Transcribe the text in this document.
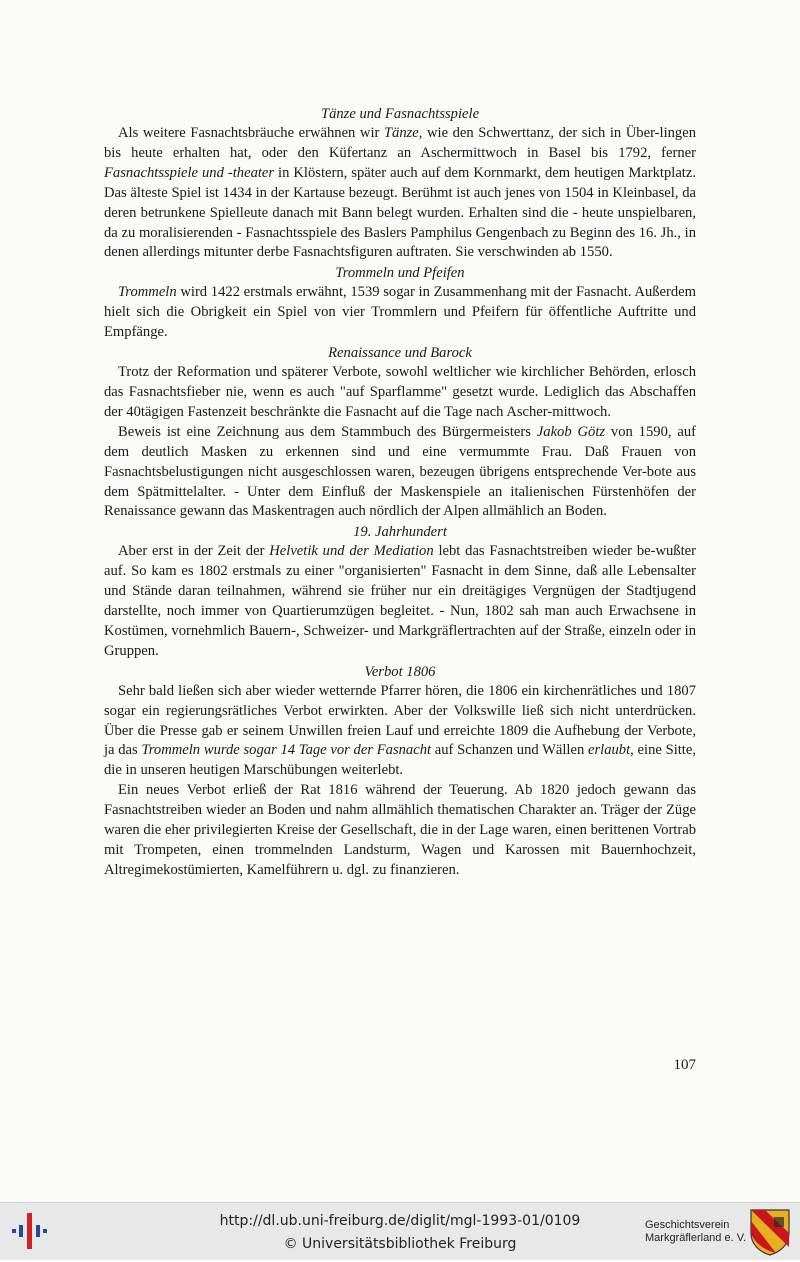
Tänze und Fasnachtsspiele

Als weitere Fasnachtsbräuche erwähnen wir Tänze, wie den Schwerttanz, der sich in Über-lingen bis heute erhalten hat, oder den Küfertanz an Aschermittwoch in Basel bis 1792, ferner Fasnachtsspiele und -theater in Klöstern, später auch auf dem Kornmarkt, dem heutigen Marktplatz. Das älteste Spiel ist 1434 in der Kartause bezeugt. Berühmt ist auch jenes von 1504 in Kleinbasel, da deren betrunkene Spielleute danach mit Bann belegt wurden. Erhalten sind die - heute unspielbaren, da zu moralisierenden - Fasnachtsspiele des Baslers Pamphilus Gengenbach zu Beginn des 16. Jh., in denen allerdings mitunter derbe Fasnachtsfiguren auftraten. Sie verschwinden ab 1550.

Trommeln und Pfeifen

Trommeln wird 1422 erstmals erwähnt, 1539 sogar in Zusammenhang mit der Fasnacht. Außerdem hielt sich die Obrigkeit ein Spiel von vier Trommlern und Pfeifern für öffentliche Auftritte und Empfänge.

Renaissance und Barock

Trotz der Reformation und späterer Verbote, sowohl weltlicher wie kirchlicher Behörden, erlosch das Fasnachtsfieber nie, wenn es auch "auf Sparflamme" gesetzt wurde. Lediglich das Abschaffen der 40tägigen Fastenzeit beschränkte die Fasnacht auf die Tage nach Ascher-mittwoch.

Beweis ist eine Zeichnung aus dem Stammbuch des Bürgermeisters Jakob Götz von 1590, auf dem deutlich Masken zu erkennen sind und eine vermummte Frau. Daß Frauen von Fasnachtsbelustigungen nicht ausgeschlossen waren, bezeugen übrigens entsprechende Ver-bote aus dem Spätmittelalter. - Unter dem Einfluß der Maskenspiele an italienischen Fürstenhöfen der Renaissance gewann das Maskentragen auch nördlich der Alpen allmählich an Boden.

19. Jahrhundert

Aber erst in der Zeit der Helvetik und der Mediation lebt das Fasnachtstreiben wieder be-wußter auf. So kam es 1802 erstmals zu einer "organisierten" Fasnacht in dem Sinne, daß alle Lebensalter und Stände daran teilnahmen, während sie früher nur ein dreitägiges Vergnügen der Stadtjugend darstellte, noch immer von Quartierumzügen begleitet. - Nun, 1802 sah man auch Erwachsene in Kostümen, vornehmlich Bauern-, Schweizer- und Markgräflertrachten auf der Straße, einzeln oder in Gruppen.

Verbot 1806

Sehr bald ließen sich aber wieder wetternde Pfarrer hören, die 1806 ein kirchenrätliches und 1807 sogar ein regierungsrätliches Verbot erwirkten. Aber der Volkswille ließ sich nicht unterdrücken. Über die Presse gab er seinem Unwillen freien Lauf und erreichte 1809 die Aufhebung der Verbote, ja das Trommeln wurde sogar 14 Tage vor der Fasnacht auf Schanzen und Wällen erlaubt, eine Sitte, die in unseren heutigen Marschübungen weiterlebt.

Ein neues Verbot erließ der Rat 1816 während der Teuerung. Ab 1820 jedoch gewann das Fasnachtstreiben wieder an Boden und nahm allmählich thematischen Charakter an. Träger der Züge waren die eher privilegierten Kreise der Gesellschaft, die in der Lage waren, einen berittenen Vortrab mit Trompeten, einen trommelnden Landsturm, Wagen und Karossen mit Bauernhochzeit, Altregimekostümierten, Kamelführern u. dgl. zu finanzieren.

107
http://dl.ub.uni-freiburg.de/diglit/mgl-1993-01/0109
© Universitätsbibliothek Freiburg
Geschichtsverein
Markgräflerland e. V.
